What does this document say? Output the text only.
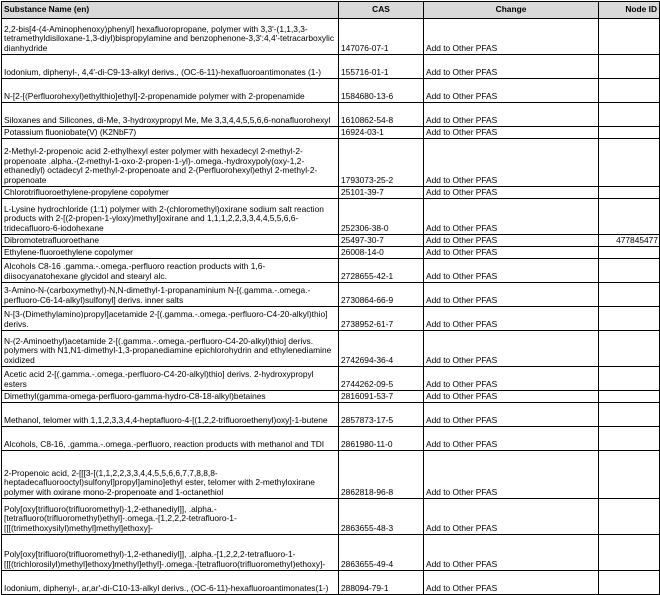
Substance Name (en)	CAS	Change	Node ID
2,2-bis[4-(4-Aminophenoxy)phenyl] hexafluoropropane, polymer with 3,3'-(1,1,3,3-tetramethyldisiloxane-1,3-diyl)bispropylamine and benzophenone-3,3':4,4'-tetracarboxylic dianhydride	147076-07-1	Add to Other PFAS	
Iodonium, diphenyl-, 4,4'-di-C9-13-alkyl derivs., (OC-6-11)-hexafluoroantimonates (1-)	155716-01-1	Add to Other PFAS	
N-[2-[(Perfluorohexyl)ethylthio]ethyl]-2-propenamide polymer with 2-propenamide	1584680-13-6	Add to Other PFAS	
Siloxanes and Silicones, di-Me, 3-hydroxypropyl Me, Me 3,3,4,4,5,5,6,6-nonafluorohexyl	1610862-54-8	Add to Other PFAS	
Potassium fluoniobate(V) (K2NbF7)	16924-03-1	Add to Other PFAS	
2-Methyl-2-propenoic acid 2-ethylhexyl ester polymer with hexadecyl 2-methyl-2-propenoate .alpha.-(2-methyl-1-oxo-2-propen-1-yl)-.omega.-hydroxypoly(oxy-1,2-ethanediyl) octadecyl 2-methyl-2-propenoate and 2-(Perfluorohexyl)ethyl 2-methyl-2-propenoate	1793073-25-2	Add to Other PFAS	
Chlorotrifluoroethylene-propylene copolymer	25101-39-7	Add to Other PFAS	
L-Lysine hydrochloride (1:1) polymer with 2-(chloromethyl)oxirane sodium salt reaction products with 2-[(2-propen-1-yloxy)methyl]oxirane and 1,1,1,2,2,3,3,4,4,5,5,6,6-tridecafluoro-6-iodohexane	252306-38-0	Add to Other PFAS	
Dibromotetrafluoroethane	25497-30-7	Add to Other PFAS	477845477
Ethylene-fluoroethylene copolymer	26008-14-0	Add to Other PFAS	
Alcohols C8-16 .gamma.-.omega.-perfluoro reaction products with 1,6-diisocyanatohexane glycidol and stearyl alc.	2728655-42-1	Add to Other PFAS	
3-Amino-N-(carboxymethyl)-N,N-dimethyl-1-propanaminium N-[(.gamma.-.omega.-perfluoro-C6-14-alkyl)sulfonyl] derivs. inner salts	2730864-66-9	Add to Other PFAS	
N-[3-(Dimethylamino)propyl]acetamide 2-[(.gamma.-.omega.-perfluoro-C4-20-alkyl)thio] derivs.	2738952-61-7	Add to Other PFAS	
N-(2-Aminoethyl)acetamide 2-[(.gamma.-.omega.-perfluoro-C4-20-alkyl)thio] derivs. polymers with N1,N1-dimethyl-1,3-propanediamine epichlorohydrin and ethylenediamine oxidized	2742694-36-4	Add to Other PFAS	
Acetic acid 2-[(.gamma.-.omega.-perfluoro-C4-20-alkyl)thio] derivs. 2-hydroxypropyl esters	2744262-09-5	Add to Other PFAS	
Dimethyl(gamma-omega-perfluoro-gamma-hydro-C8-18-alkyl)betaines	2816091-53-7	Add to Other PFAS	
Methanol, telomer with 1,1,2,3,3,4,4-heptafluoro-4-[(1,2,2-trifluoroethenyl)oxy]-1-butene	2857873-17-5	Add to Other PFAS	
Alcohols, C8-16, .gamma.-.omega.-perfluoro, reaction products with methanol and TDI	2861980-11-0	Add to Other PFAS	
2-Propenoic acid, 2-[[[3-[(1,1,2,2,3,3,4,4,5,5,6,6,7,7,8,8,8-heptadecafluorooctyl)sulfonyl]propyl]amino]ethyl ester, telomer with 2-methyloxirane polymer with oxirane mono-2-propenoate and 1-octanethiol	2862818-96-8	Add to Other PFAS	
Poly[oxy[trifluoro(trifluoromethyl)-1,2-ethanediyl]], .alpha.-[tetrafluoro(trifluoromethyl)ethyl]-.omega.-[1,2,2,2-tetrafluoro-1-[[[(trimethoxysilyl)methyl]methyl]ethoxy]-	2863655-48-3	Add to Other PFAS	
Poly[oxy[trifluoro(trifluoromethyl)-1,2-ethanediyl]], .alpha.-[1,2,2,2-tetrafluoro-1-[[[(trichlorosilyl)methyl]ethoxy]methyl]ethyl]-.omega.-[tetrafluoro(trifluoromethyl)ethoxy]-	2863655-49-4	Add to Other PFAS	
Iodonium, diphenyl-, ar,ar'-di-C10-13-alkyl derivs., (OC-6-11)-hexafluoroantimonates(1-)	288094-79-1	Add to Other PFAS	
